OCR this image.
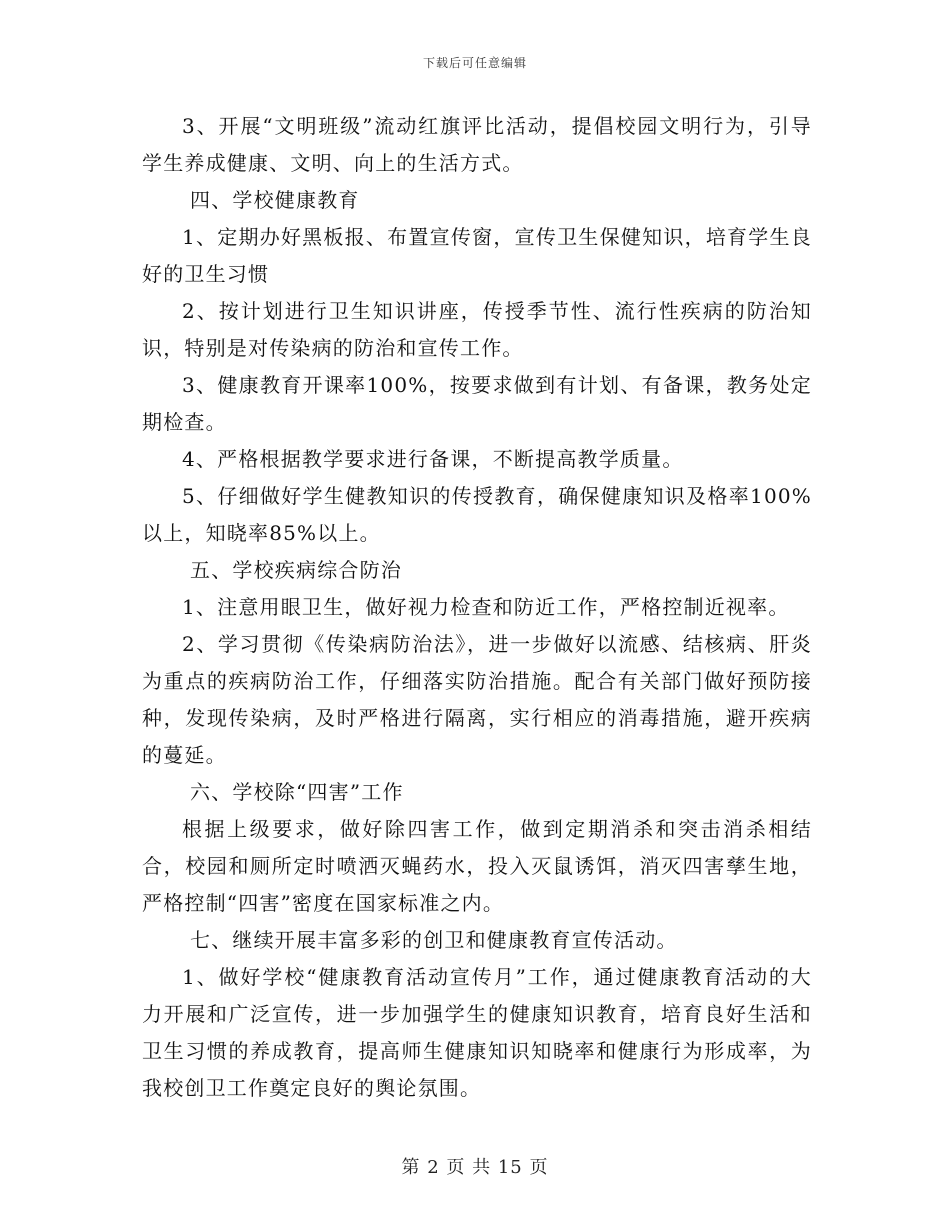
下载后可任意编辑

3、开展“文明班级”流动红旗评比活动，提倡校园文明行为，引导学生养成健康、文明、向上的生活方式。

四、学校健康教育

1、定期办好黑板报、布置宣传窗，宣传卫生保健知识，培育学生良好的卫生习惯

2、按计划进行卫生知识讲座，传授季节性、流行性疾病的防治知识，特别是对传染病的防治和宣传工作。

3、健康教育开课率100%，按要求做到有计划、有备课，教务处定期检查。

4、严格根据教学要求进行备课，不断提高教学质量。

5、仔细做好学生健教知识的传授教育，确保健康知识及格率100%以上，知晓率85%以上。

五、学校疾病综合防治

1、注意用眼卫生，做好视力检查和防近工作，严格控制近视率。

2、学习贯彻《传染病防治法》，进一步做好以流感、结核病、肝炎为重点的疾病防治工作，仔细落实防治措施。配合有关部门做好预防接种，发现传染病，及时严格进行隔离，实行相应的消毒措施，避开疾病的蔓延。

六、学校除“四害”工作

根据上级要求，做好除四害工作，做到定期消杀和突击消杀相结合，校园和厕所定时喷洒灭蝇药水，投入灭鼠诱饵，消灭四害孳生地，严格控制“四害”密度在国家标准之内。

七、继续开展丰富多彩的创卫和健康教育宣传活动。

1、做好学校“健康教育活动宣传月”工作，通过健康教育活动的大力开展和广泛宣传，进一步加强学生的健康知识教育，培育良好生活和卫生习惯的养成教育，提高师生健康知识知晓率和健康行为形成率，为我校创卫工作奠定良好的舆论氛围。

第 2 页 共 15 页
